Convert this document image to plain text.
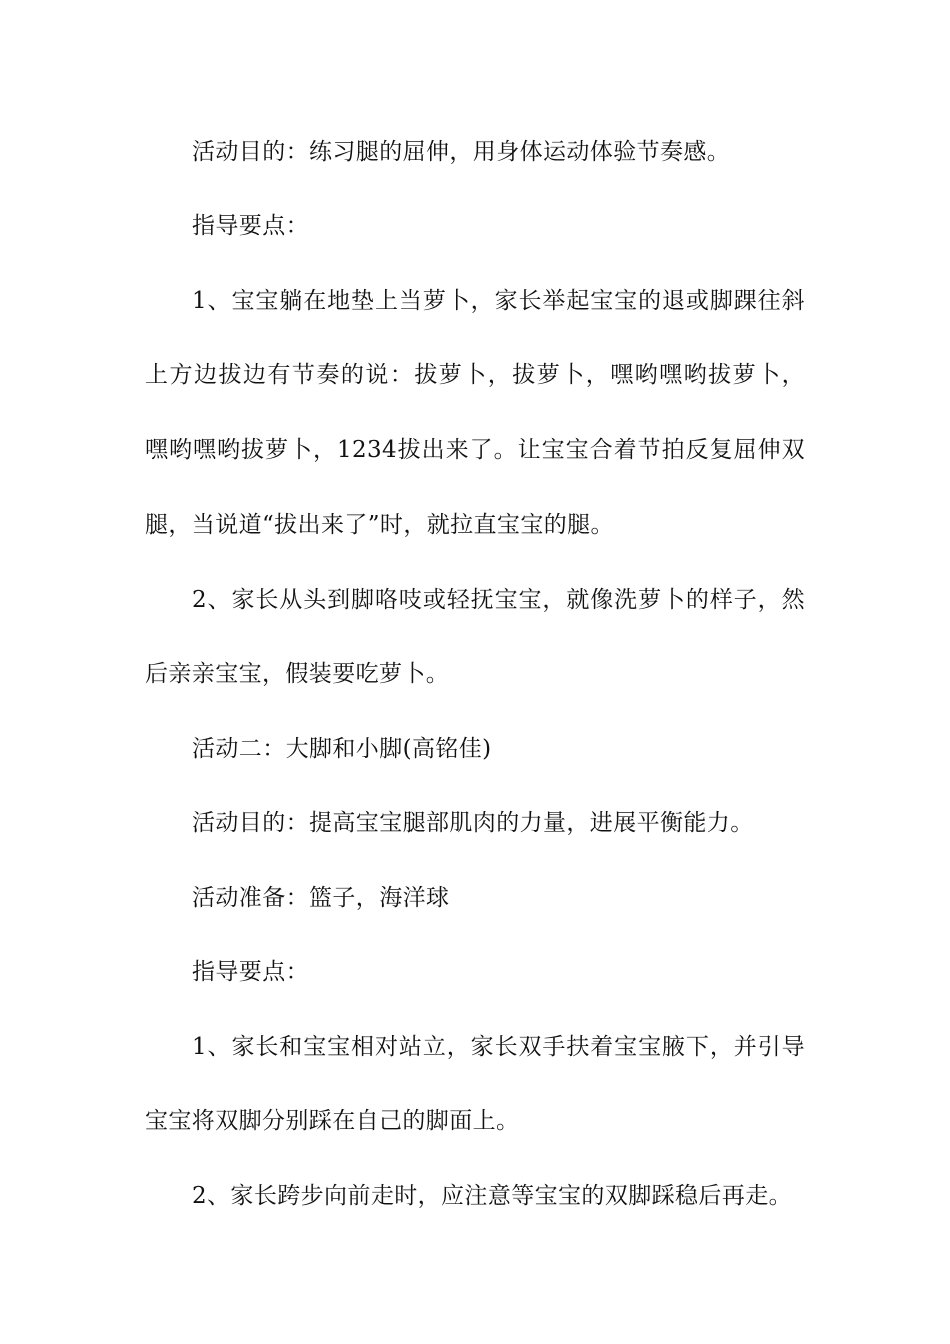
活动目的：练习腿的屈伸，用身体运动体验节奏感。
指导要点：
1、宝宝躺在地垫上当萝卜，家长举起宝宝的退或脚踝往斜
上方边拔边有节奏的说：拔萝卜，拔萝卜，嘿哟嘿哟拔萝卜，
嘿哟嘿哟拔萝卜，1234拔出来了。让宝宝合着节拍反复屈伸双
腿，当说道“拔出来了”时，就拉直宝宝的腿。
2、家长从头到脚咯吱或轻抚宝宝，就像洗萝卜的样子，然
后亲亲宝宝，假装要吃萝卜。
活动二：大脚和小脚(高铭佳)
活动目的：提高宝宝腿部肌肉的力量，进展平衡能力。
活动准备：篮子，海洋球
指导要点：
1、家长和宝宝相对站立，家长双手扶着宝宝腋下，并引导
宝宝将双脚分别踩在自己的脚面上。
2、家长跨步向前走时，应注意等宝宝的双脚踩稳后再走。
